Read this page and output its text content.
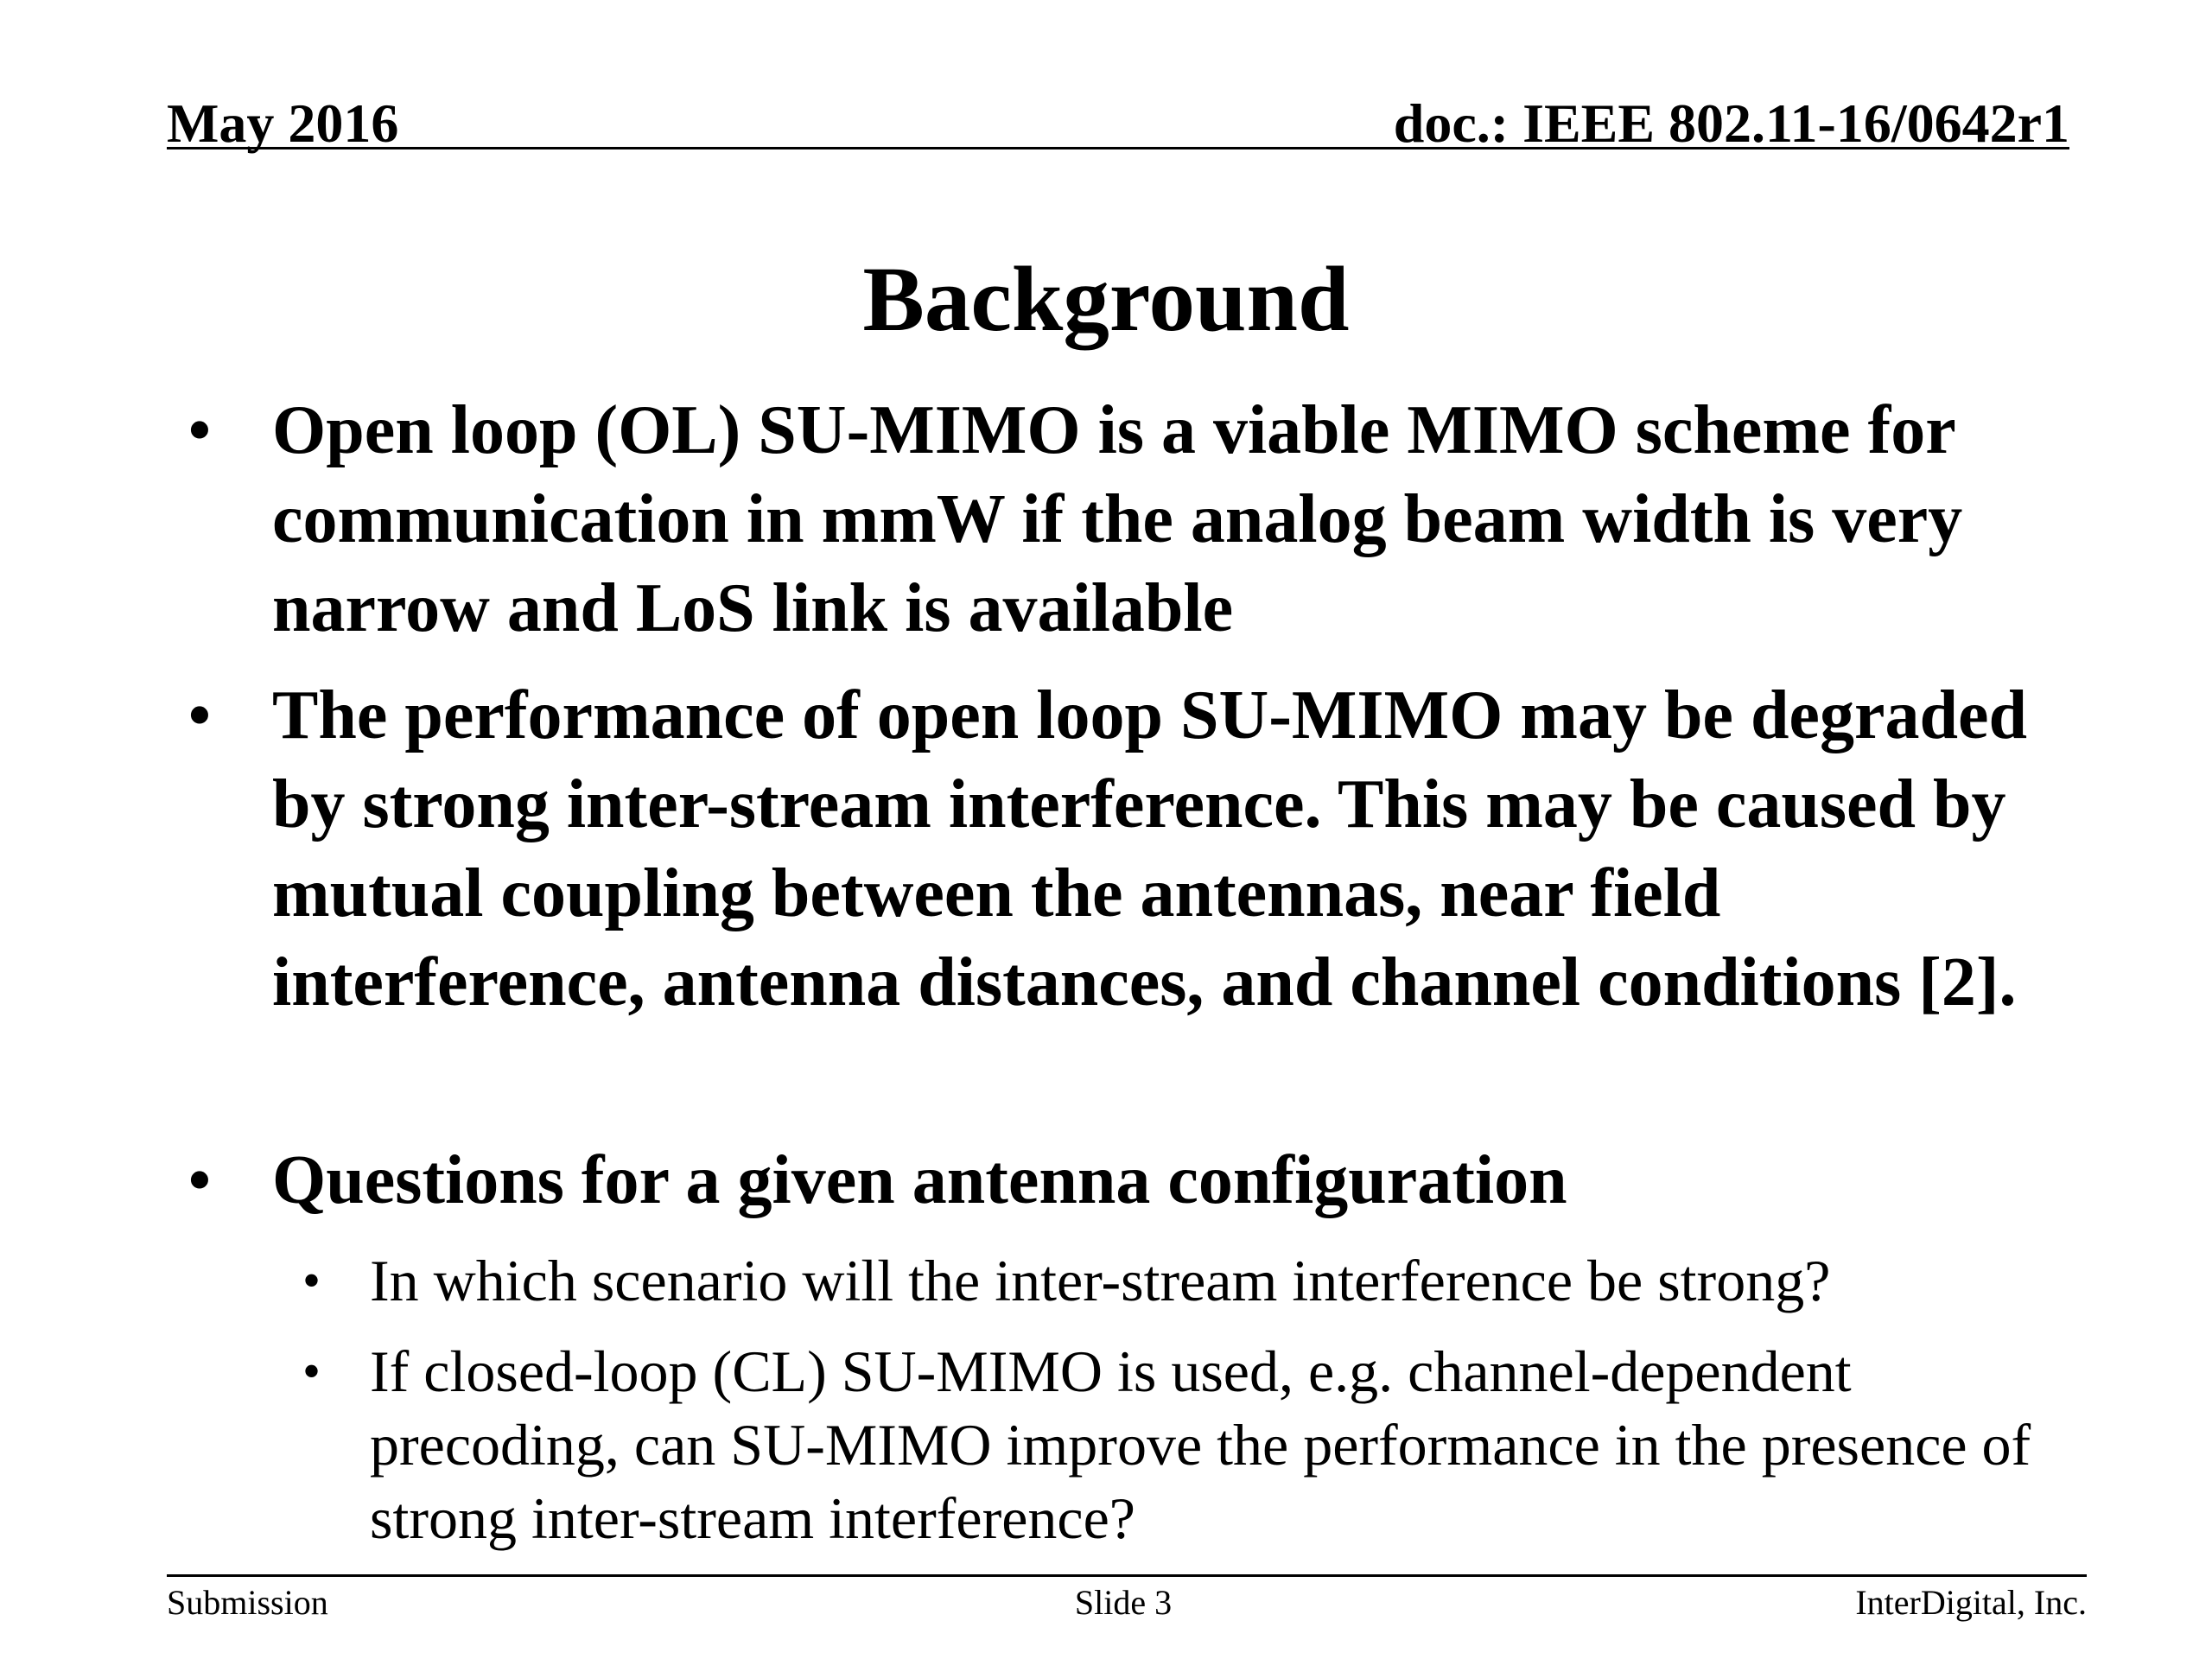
May 2016	doc.: IEEE 802.11-16/0642r1
Background
• Open loop (OL) SU-MIMO is a viable MIMO scheme for communication in mmW if the analog beam width is very narrow and LoS link is available
• The performance of open loop SU-MIMO may be degraded by strong inter-stream interference. This may be caused by mutual coupling between the antennas, near field interference, antenna distances, and channel conditions [2].
• Questions for a given antenna configuration
• In which scenario will the inter-stream interference be strong?
• If closed-loop (CL) SU-MIMO is used, e.g. channel-dependent precoding, can SU-MIMO improve the performance in the presence of strong inter-stream interference?
Submission	Slide 3	InterDigital, Inc.
